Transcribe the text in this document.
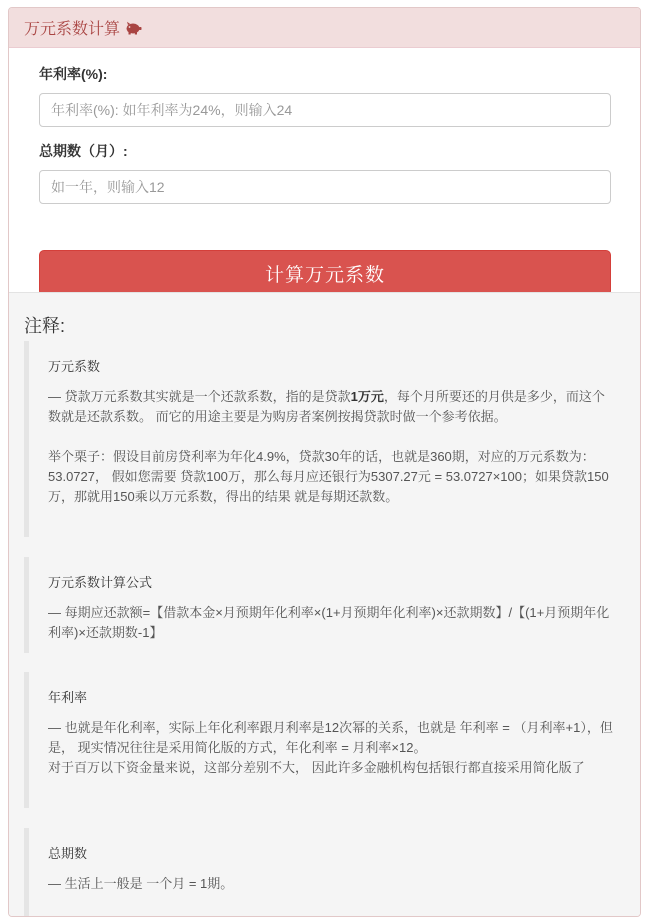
万元系数计算
年利率(%):
年利率(%): 如年利率为24%，则输入24
总期数（月）:
如一年，则输入12
计算万元系数
注释:
万元系数

— 贷款万元系数其实就是一个还款系数，指的是贷款1万元，每个月所要还的月供是多少，而这个数就是还款系数。 而它的用途主要是为购房者案例按揭贷款时做一个参考依据。

举个栗子：假设目前房贷利率为年化4.9%，贷款30年的话，也就是360期，对应的万元系数为：53.0727， 假如您需要 贷款100万，那么每月应还银行为5307.27元 = 53.0727×100；如果贷款150万，那就用150乘以万元系数，得出的结果 就是每期还款数。

万元系数计算公式

— 每期应还款额=【借款本金×月预期年化利率×(1+月预期年化利率)×还款期数】/【(1+月预期年化利率)×还款期数-1】

年利率

— 也就是年化利率，实际上年化利率跟月利率是12次幂的关系，也就是 年利率 = （月利率+1），但是， 现实情况往往是采用简化版的方式，年化利率 = 月利率×12。

对于百万以下资金量来说，这部分差别不大， 因此许多金融机构包括银行都直接采用简化版了

总期数

— 生活上一般是 一个月 = 1期。
